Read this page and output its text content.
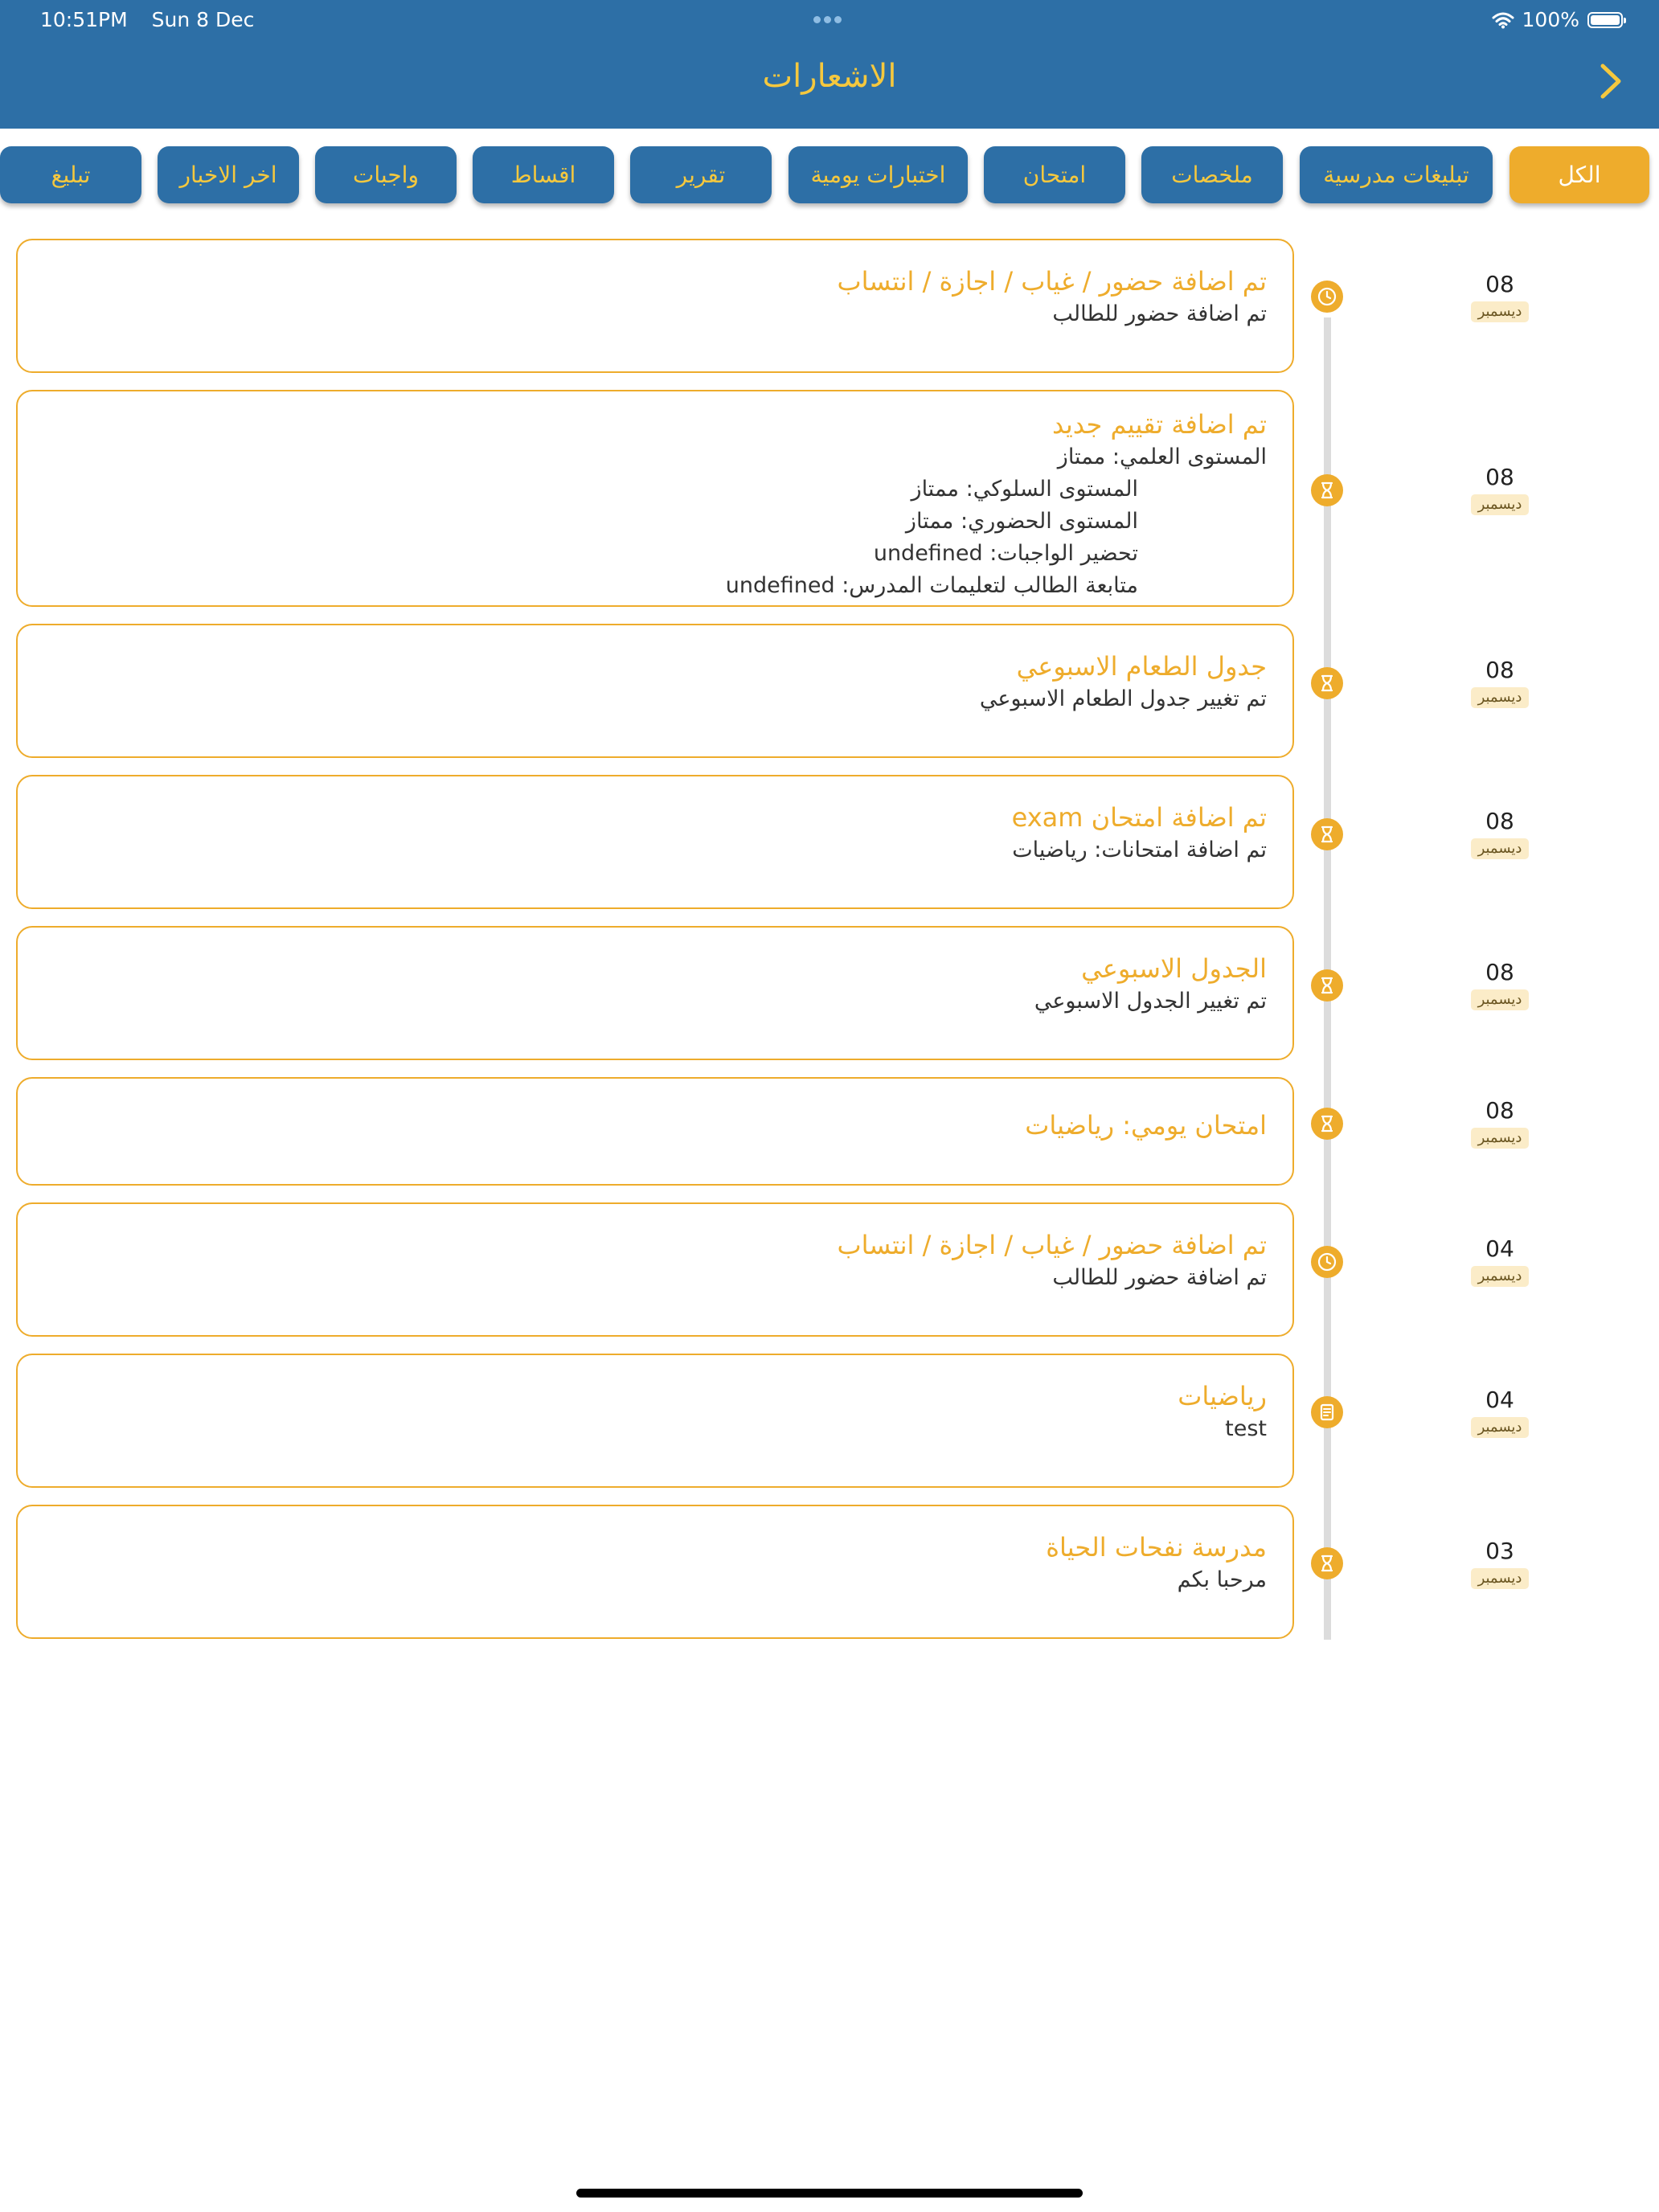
10:51PM Sun 8 Dec	100%
الاشعارات
الكل
تبليغات مدرسية
ملخصات
امتحان
اختبارات يومية
تقرير
اقساط
واجبات
اخر الاخبار
تبليغ
08
ديسمبر
تم اضافة حضور / غياب / اجازة / انتساب
تم اضافة حضور للطالب
08
ديسمبر
تم اضافة تقييم جديد
المستوى العلمي: ممتاز
المستوى السلوكي: ممتاز
المستوى الحضوري: ممتاز
تحضير الواجبات: undefined
متابعة الطالب لتعليمات المدرس: undefined
08
ديسمبر
جدول الطعام الاسبوعي
تم تغيير جدول الطعام الاسبوعي
08
ديسمبر
تم اضافة امتحان exam
تم اضافة امتحانات: رياضيات
08
ديسمبر
الجدول الاسبوعي
تم تغيير الجدول الاسبوعي
08
ديسمبر
امتحان يومي: رياضيات
04
ديسمبر
تم اضافة حضور / غياب / اجازة / انتساب
تم اضافة حضور للطالب
04
ديسمبر
رياضيات
test
03
ديسمبر
مدرسة نفحات الحياة
مرحبا بكم
